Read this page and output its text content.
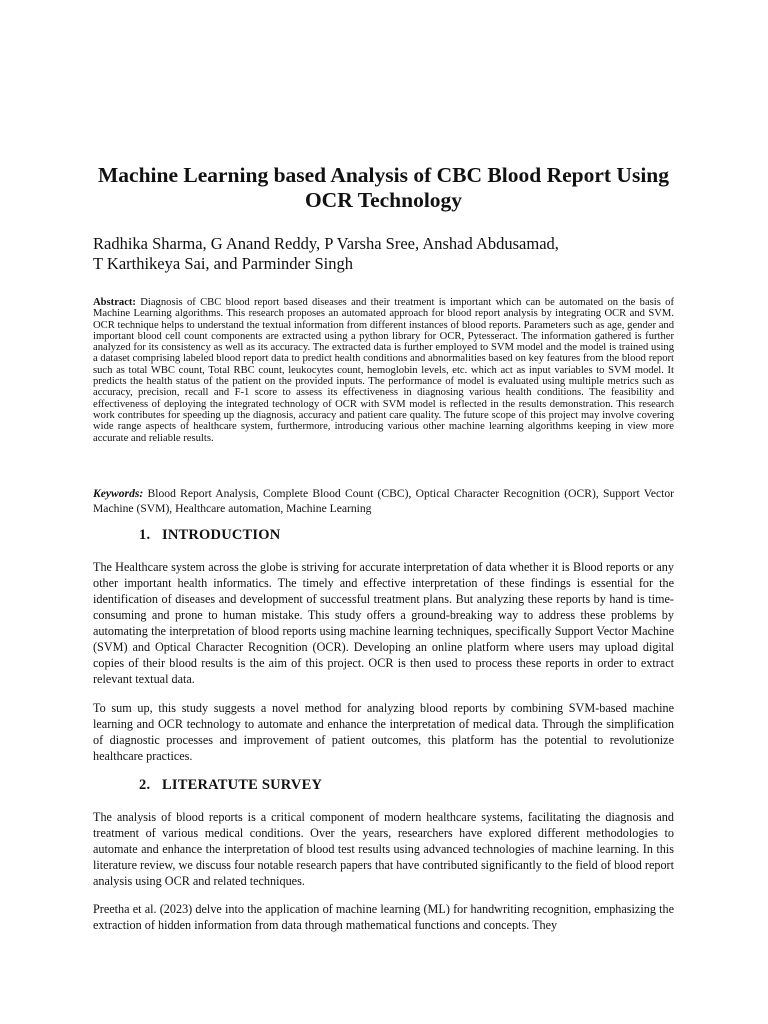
Machine Learning based Analysis of CBC Blood Report Using OCR Technology
Radhika Sharma, G Anand Reddy, P Varsha Sree, Anshad Abdusamad,
T Karthikeya Sai, and Parminder Singh
Abstract: Diagnosis of CBC blood report based diseases and their treatment is important which can be automated on the basis of Machine Learning algorithms. This research proposes an automated approach for blood report analysis by integrating OCR and SVM. OCR technique helps to understand the textual information from different instances of blood reports. Parameters such as age, gender and important blood cell count components are extracted using a python library for OCR, Pytesseract. The information gathered is further analyzed for its consistency as well as its accuracy. The extracted data is further employed to SVM model and the model is trained using a dataset comprising labeled blood report data to predict health conditions and abnormalities based on key features from the blood report such as total WBC count, Total RBC count, leukocytes count, hemoglobin levels, etc. which act as input variables to SVM model. It predicts the health status of the patient on the provided inputs. The performance of model is evaluated using multiple metrics such as accuracy, precision, recall and F-1 score to assess its effectiveness in diagnosing various health conditions. The feasibility and effectiveness of deploying the integrated technology of OCR with SVM model is reflected in the results demonstration. This research work contributes for speeding up the diagnosis, accuracy and patient care quality. The future scope of this project may involve covering wide range aspects of healthcare system, furthermore, introducing various other machine learning algorithms keeping in view more accurate and reliable results.
Keywords: Blood Report Analysis, Complete Blood Count (CBC), Optical Character Recognition (OCR), Support Vector Machine (SVM), Healthcare automation, Machine Learning
1. INTRODUCTION
The Healthcare system across the globe is striving for accurate interpretation of data whether it is Blood reports or any other important health informatics. The timely and effective interpretation of these findings is essential for the identification of diseases and development of successful treatment plans. But analyzing these reports by hand is time-consuming and prone to human mistake. This study offers a ground-breaking way to address these problems by automating the interpretation of blood reports using machine learning techniques, specifically Support Vector Machine (SVM) and Optical Character Recognition (OCR). Developing an online platform where users may upload digital copies of their blood results is the aim of this project. OCR is then used to process these reports in order to extract relevant textual data.
To sum up, this study suggests a novel method for analyzing blood reports by combining SVM-based machine learning and OCR technology to automate and enhance the interpretation of medical data. Through the simplification of diagnostic processes and improvement of patient outcomes, this platform has the potential to revolutionize healthcare practices.
2. LITERATUTE SURVEY
The analysis of blood reports is a critical component of modern healthcare systems, facilitating the diagnosis and treatment of various medical conditions. Over the years, researchers have explored different methodologies to automate and enhance the interpretation of blood test results using advanced technologies of machine learning. In this literature review, we discuss four notable research papers that have contributed significantly to the field of blood report analysis using OCR and related techniques.
Preetha et al. (2023) delve into the application of machine learning (ML) for handwriting recognition, emphasizing the extraction of hidden information from data through mathematical functions and concepts. They
